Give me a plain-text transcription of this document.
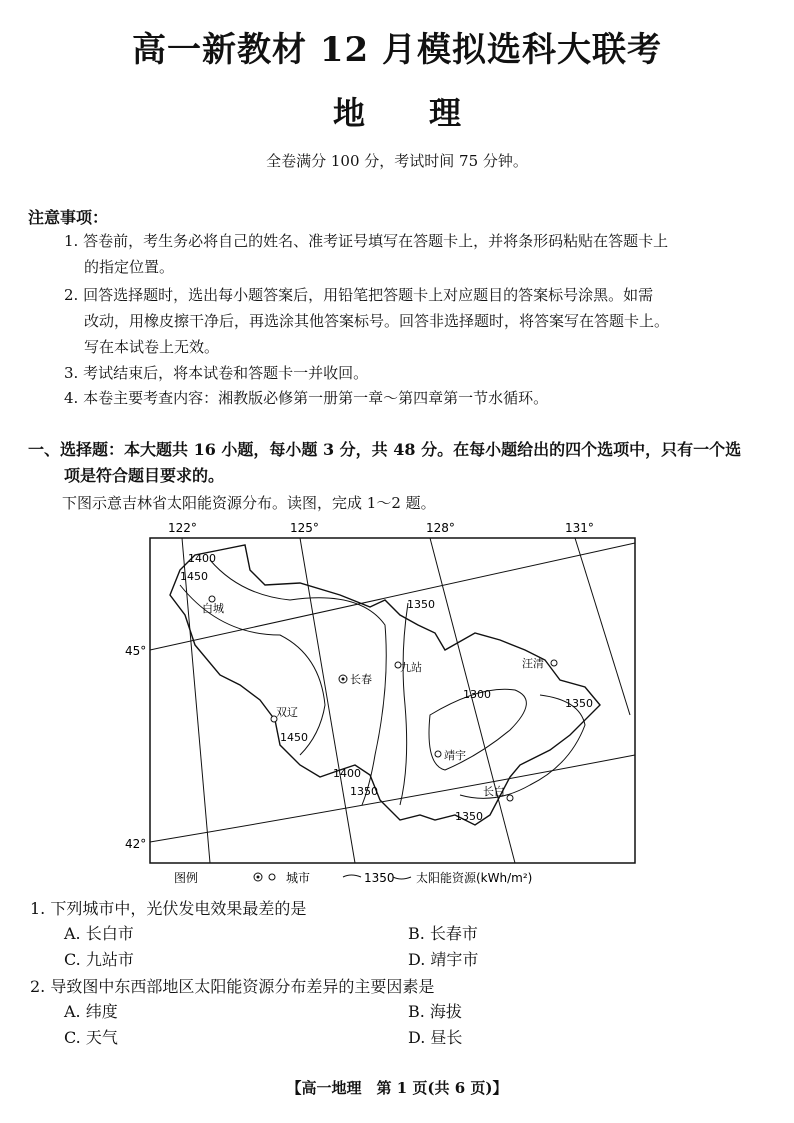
高一新教材 12 月模拟选科大联考
地　　理
全卷满分 100 分，考试时间 75 分钟。
注意事项：
1. 答卷前，考生务必将自己的姓名、准考证号填写在答题卡上，并将条形码粘贴在答题卡上
的指定位置。
2. 回答选择题时，选出每小题答案后，用铅笔把答题卡上对应题目的答案标号涂黑。如需
改动，用橡皮擦干净后，再选涂其他答案标号。回答非选择题时，将答案写在答题卡上。
写在本试卷上无效。
3. 考试结束后，将本试卷和答题卡一并收回。
4. 本卷主要考查内容：湘教版必修第一册第一章～第四章第一节水循环。
一、选择题：本大题共 16 小题，每小题 3 分，共 48 分。在每小题给出的四个选项中，只有一个选
项是符合题目要求的。
下图示意吉林省太阳能资源分布。读图，完成 1～2 题。
122°	125°	128°	131°
45°
42°
1400
1450
1350
1300
1350
1450
1400
1350
1350
白城
长春
九站	汪清
双辽
靖宇
长白
图例	城市	1350 太阳能资源(kWh/m²)
1. 下列城市中，光伏发电效果最差的是
A. 长白市	B. 长春市
C. 九站市	D. 靖宇市
2. 导致图中东西部地区太阳能资源分布差异的主要因素是
A. 纬度	B. 海拔
C. 天气	D. 昼长
【高一地理　第 1 页(共 6 页)】
